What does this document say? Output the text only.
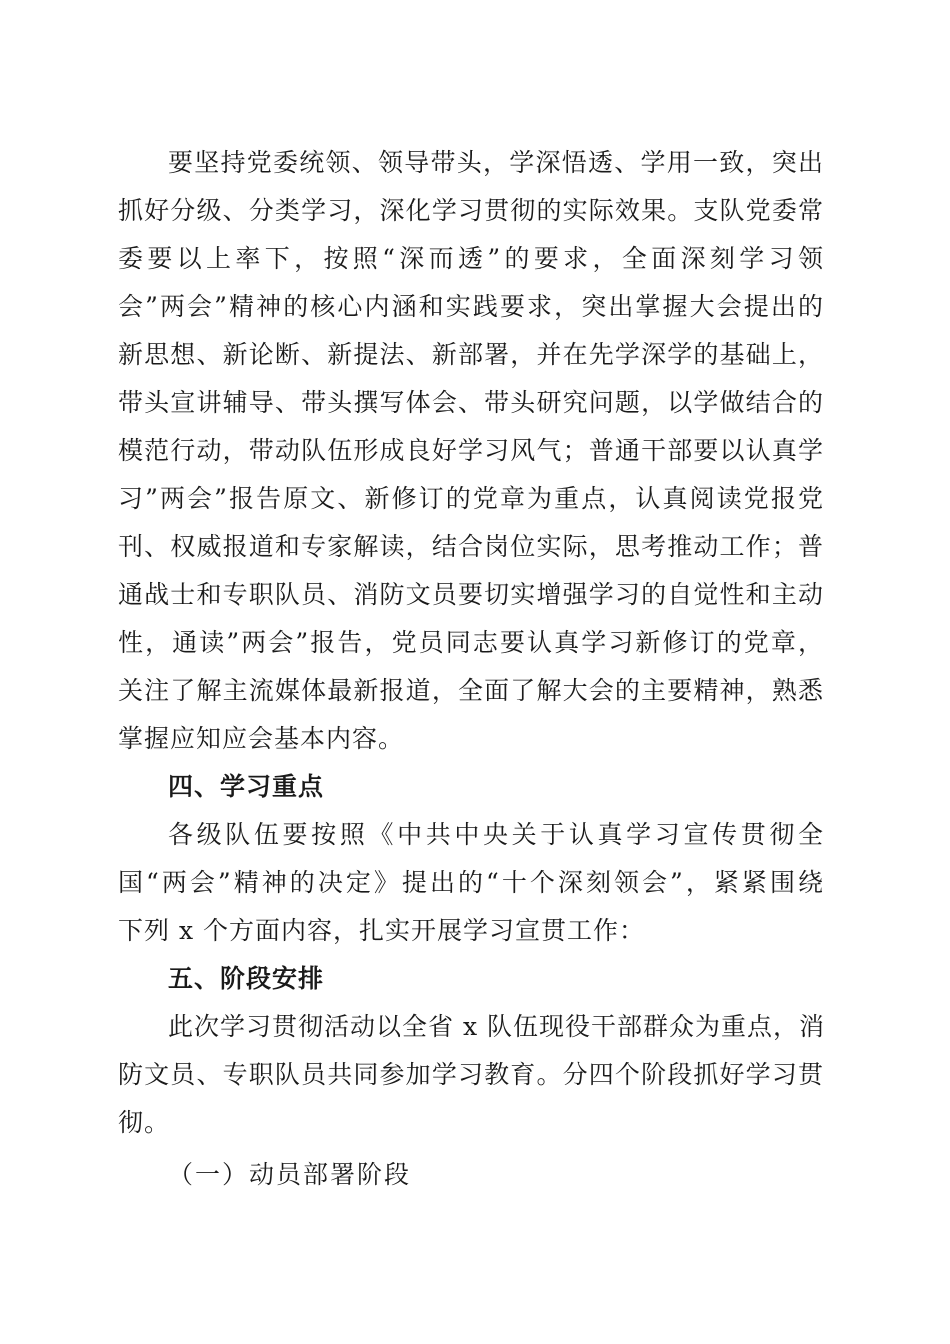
要坚持党委统领、领导带头，学深悟透、学用一致，突出
抓好分级、分类学习，深化学习贯彻的实际效果。支队党委常
委要以上率下，按照“深而透”的要求，全面深刻学习领
会”两会”精神的核心内涵和实践要求，突出掌握大会提出的
新思想、新论断、新提法、新部署，并在先学深学的基础上，
带头宣讲辅导、带头撰写体会、带头研究问题，以学做结合的
模范行动，带动队伍形成良好学习风气；普通干部要以认真学
习”两会”报告原文、新修订的党章为重点，认真阅读党报党
刊、权威报道和专家解读，结合岗位实际，思考推动工作；普
通战士和专职队员、消防文员要切实增强学习的自觉性和主动
性，通读”两会”报告，党员同志要认真学习新修订的党章，
关注了解主流媒体最新报道，全面了解大会的主要精神，熟悉
掌握应知应会基本内容。
四、学习重点
各级队伍要按照《中共中央关于认真学习宣传贯彻全
国“两会”精神的决定》提出的“十个深刻领会”，紧紧围绕
下列 x 个方面内容，扎实开展学习宣贯工作：
五、阶段安排
此次学习贯彻活动以全省 x 队伍现役干部群众为重点，消
防文员、专职队员共同参加学习教育。分四个阶段抓好学习贯
彻。
（一）动员部署阶段
